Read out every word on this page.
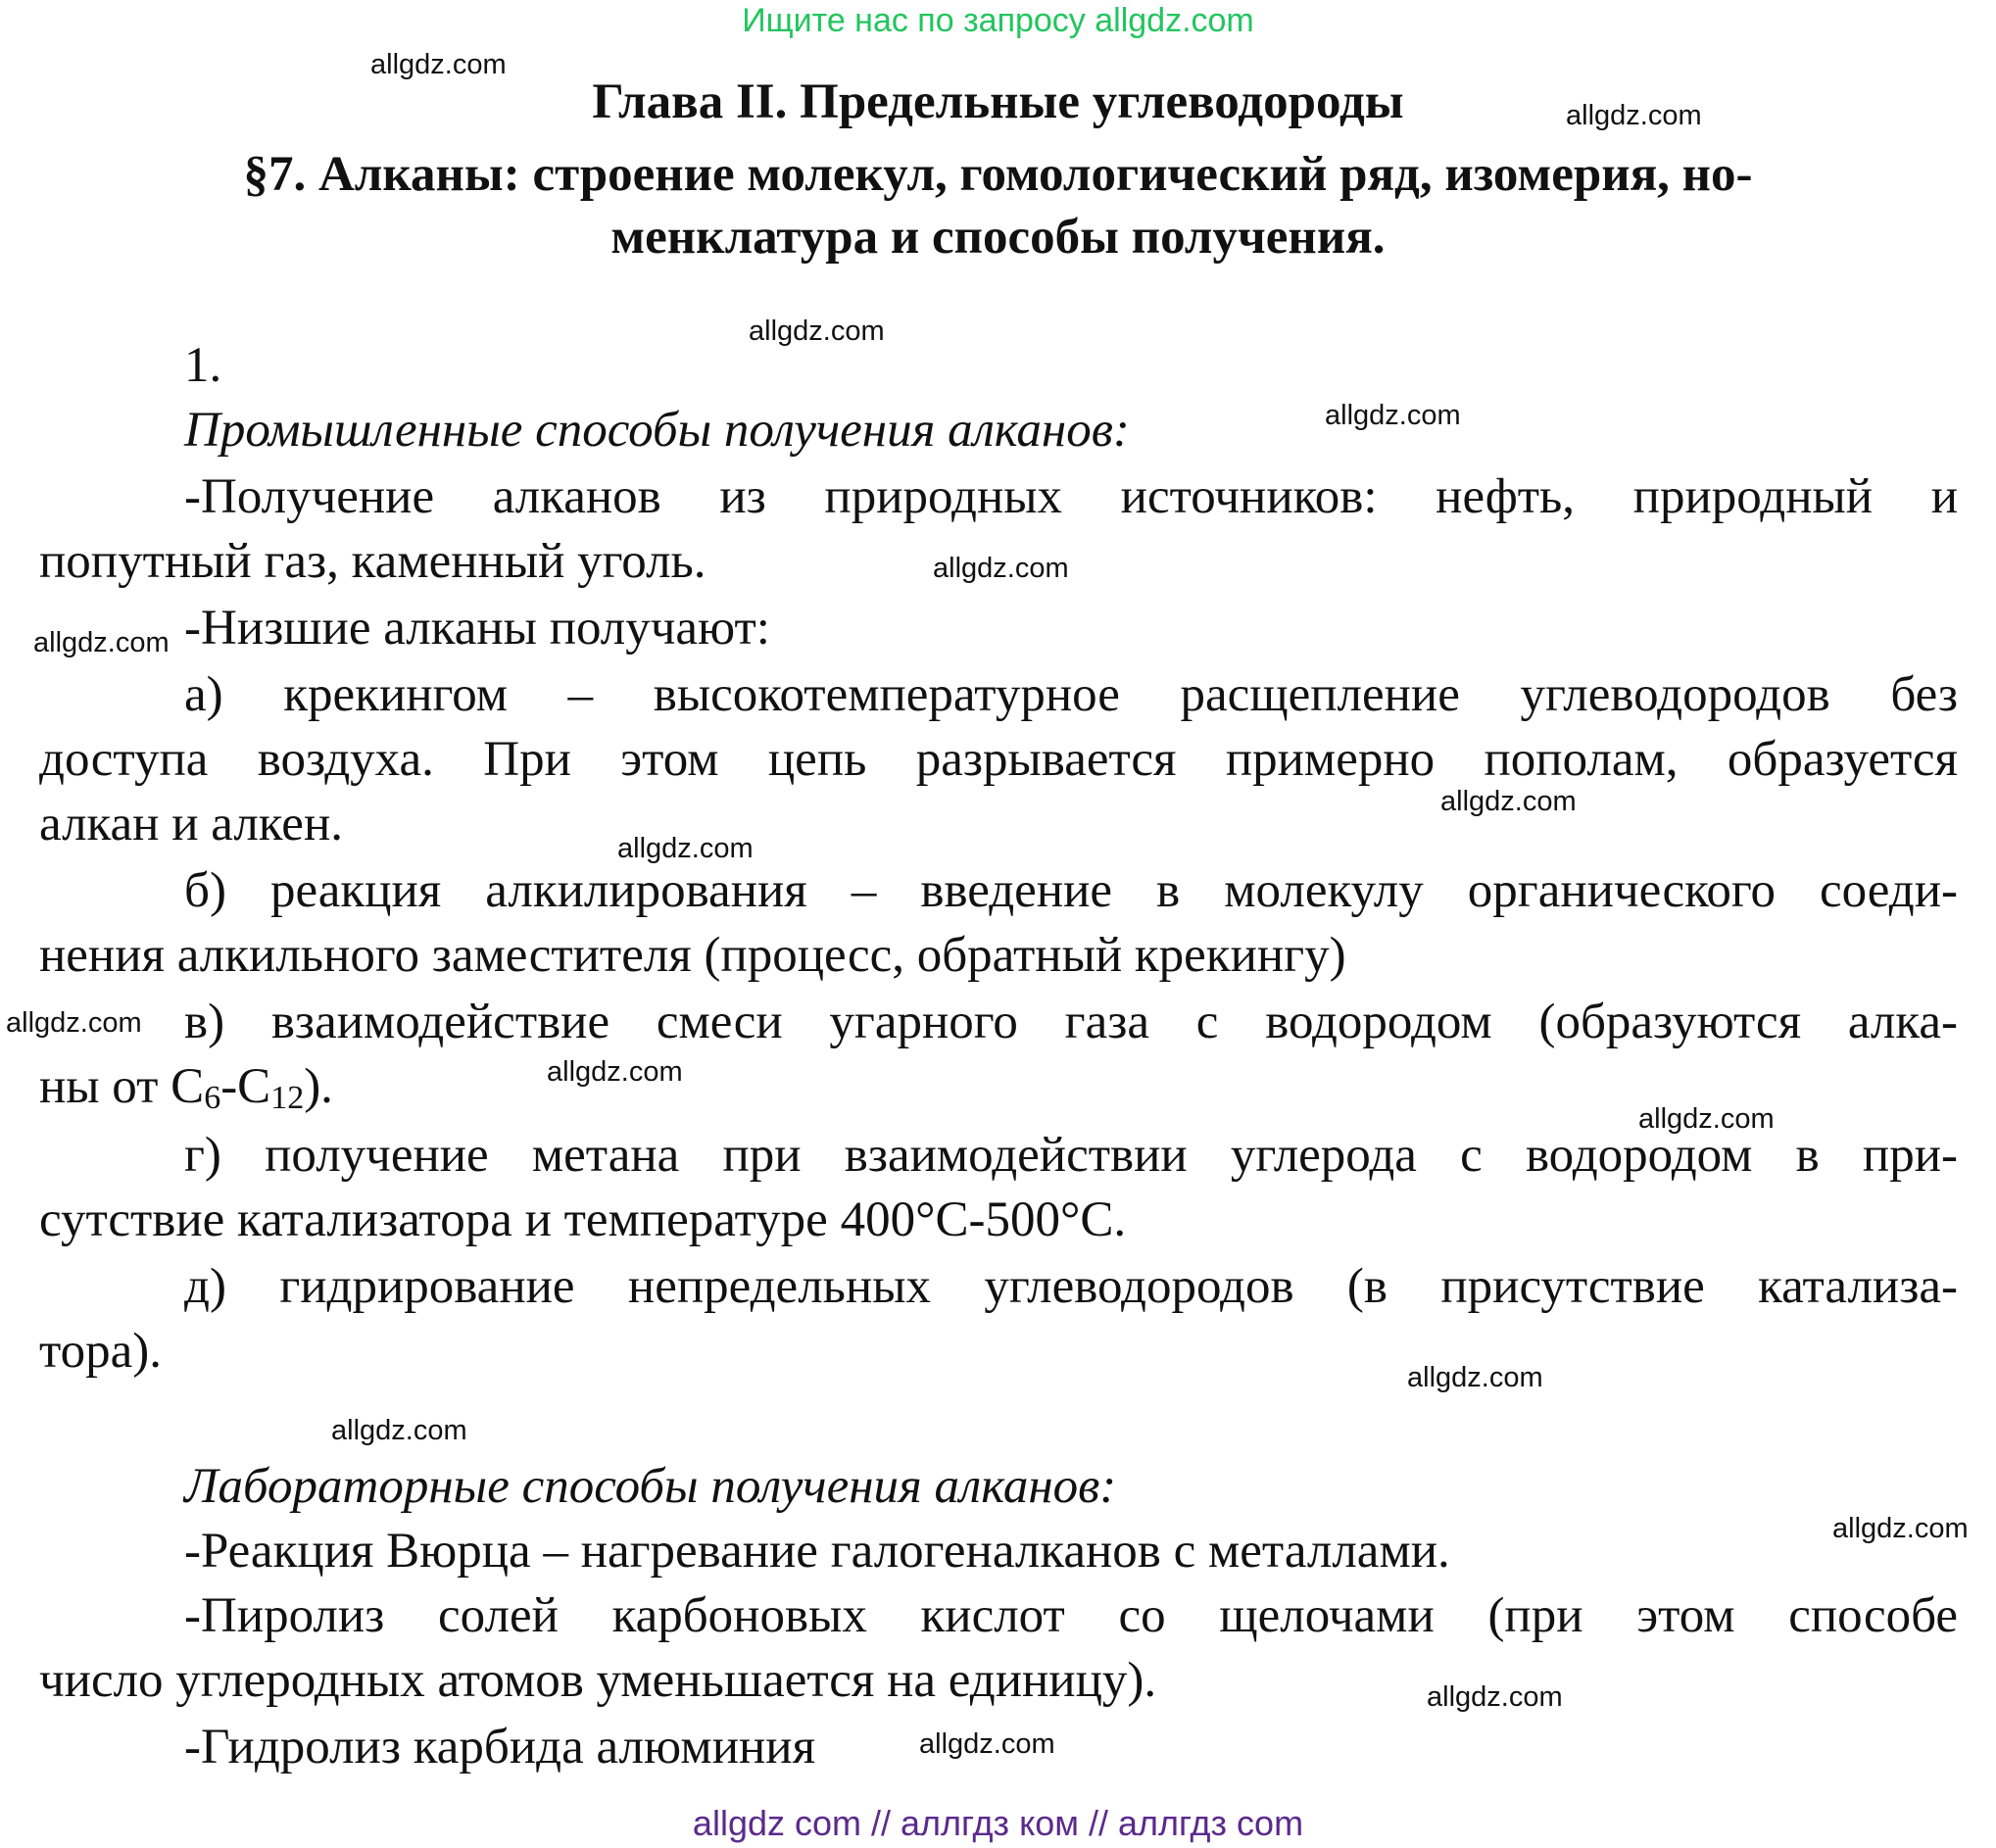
Ищите нас по запросу allgdz.com
allgdz com // аллгдз ком // аллгдз com
Глава II. Предельные углеводороды
§7. Алканы: строение молекул, гомологический ряд, изомерия, но-
менклатура и способы получения.
1.
Промышленные способы получения алканов:
-Получение алканов из природных источников: нефть, природный и
попутный газ, каменный уголь.
-Низшие алканы получают:
а) крекингом – высокотемпературное расщепление углеводородов без
доступа воздуха. При этом цепь разрывается примерно пополам, образуется
алкан и алкен.
б) реакция алкилирования – введение в молекулу органического соеди-
нения алкильного заместителя (процесс, обратный крекингу)
в) взаимодействие смеси угарного газа с водородом (образуются алка-
ны от $C_6-C_{12}$).
г) получение метана при взаимодействии углерода с водородом в при-
сутствие катализатора и температуре 400°C-500°C.
д) гидрирование непредельных углеводородов (в присутствие катализа-
тора).
Лабораторные способы получения алканов:
-Реакция Вюрца – нагревание галогеналканов с металлами.
-Пиролиз солей карбоновых кислот со щелочами (при этом способе
число углеродных атомов уменьшается на единицу).
-Гидролиз карбида алюминия
allgdz.com
allgdz.com
allgdz.com
allgdz.com
allgdz.com
allgdz.com
allgdz.com
allgdz.com
allgdz.com
allgdz.com
allgdz.com
allgdz.com
allgdz.com
allgdz.com
allgdz.com
allgdz.com
